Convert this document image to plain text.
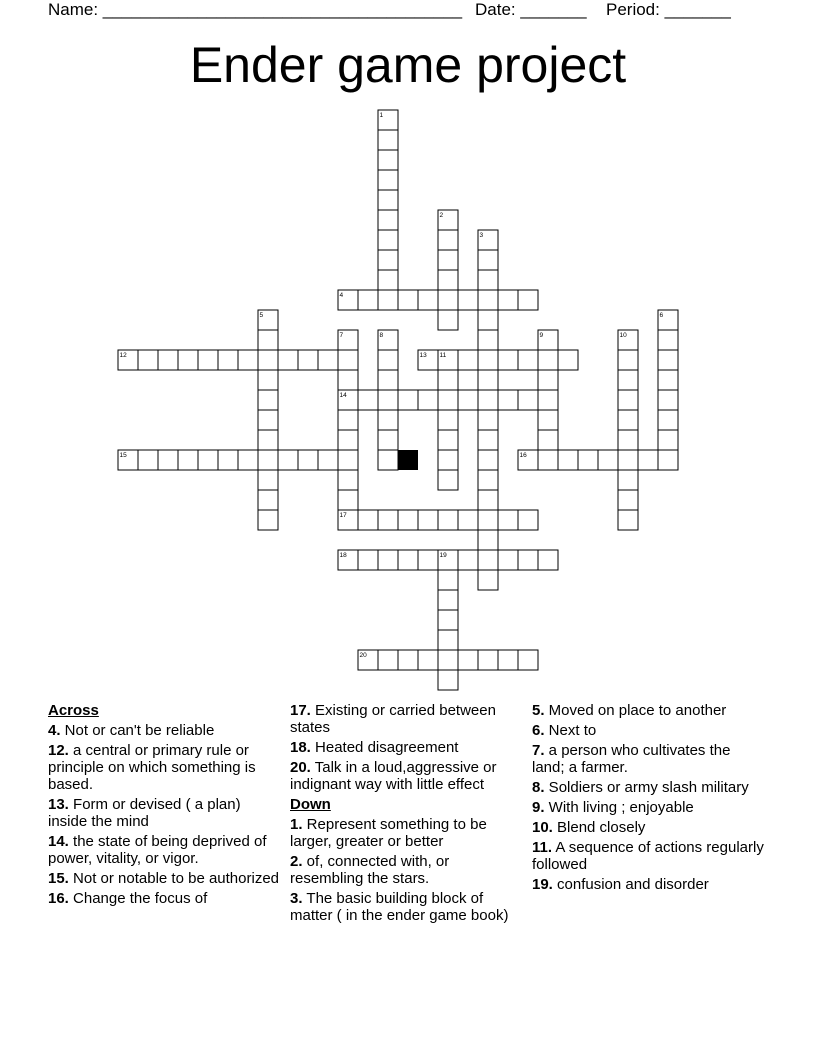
Name: ______________________________________ Date: _______ Period: _______
Ender game project
4
12	13
14
15	16
17
18
20
1
2
3
5	6
7	8	9	10
11
19
Across
4. Not or can't be reliable
12. a central or primary rule or principle on which something is based.
13. Form or devised ( a plan) inside the mind
14. the state of being deprived of power, vitality, or vigor.
15. Not or notable to be authorized
16. Change the focus of
17. Existing or carried between states
18. Heated disagreement
20. Talk in a loud,aggressive or indignant way with little effect
Down
1. Represent something to be larger, greater or better
2. of, connected with, or resembling the stars.
3. The basic building block of matter ( in the ender game book)
5. Moved on place to another
6. Next to
7. a person who cultivates the land; a farmer.
8. Soldiers or army slash military
9. With living ; enjoyable
10. Blend closely
11. A sequence of actions regularly followed
19. confusion and disorder
